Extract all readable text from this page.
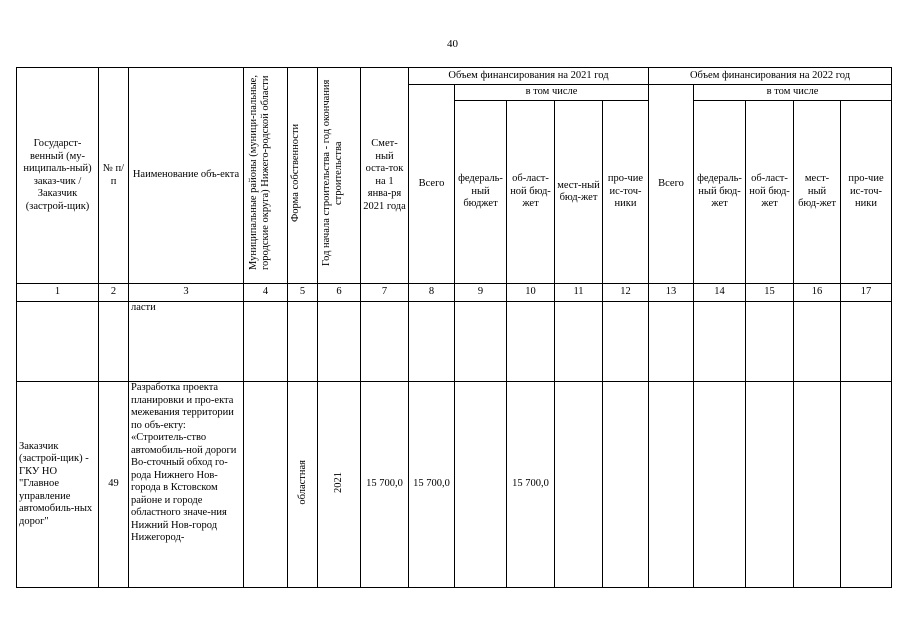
40
Государст-венный (му-ниципаль-ный) заказ-чик / Заказчик (застрой-щик)	№ п/п	Наименование объ-екта	Муниципальные районы (муници-пальные, городские округа) Нижего-родской области	Форма собственности	Год начала строительства - год окончания строительства	Смет-ный оста-ток на 1 янва-ря 2021 года	Объем финансирования на 2021 год					Объем финансирования на 2022 год				
							Всего	в том числе				Всего	в том числе			
								федераль-ный бюджет	об-ласт-ной бюд-жет	мест-ный бюд-жет	про-чие ис-точ-ники		федераль-ный бюд-жет	об-ласт-ной бюд-жет	мест-ный бюд-жет	про-чие ис-точ-ники
1	2	3	4	5	6	7	8	9	10	11	12	13	14	15	16	17
		ласти														
Заказчик (застрой-щик) - ГКУ НО "Главное управление автомобиль-ных дорог"	49	Разработка проекта планировки и про-екта межевания территории по объ-екту: «Строитель-ство автомобиль-ной дороги Во-сточный обход го-рода Нижнего Нов-города в Кстовском районе и городе областного значе-ния Нижний Нов-город Нижегород-		областная	2021	15 700,0	15 700,0		15 700,0							
